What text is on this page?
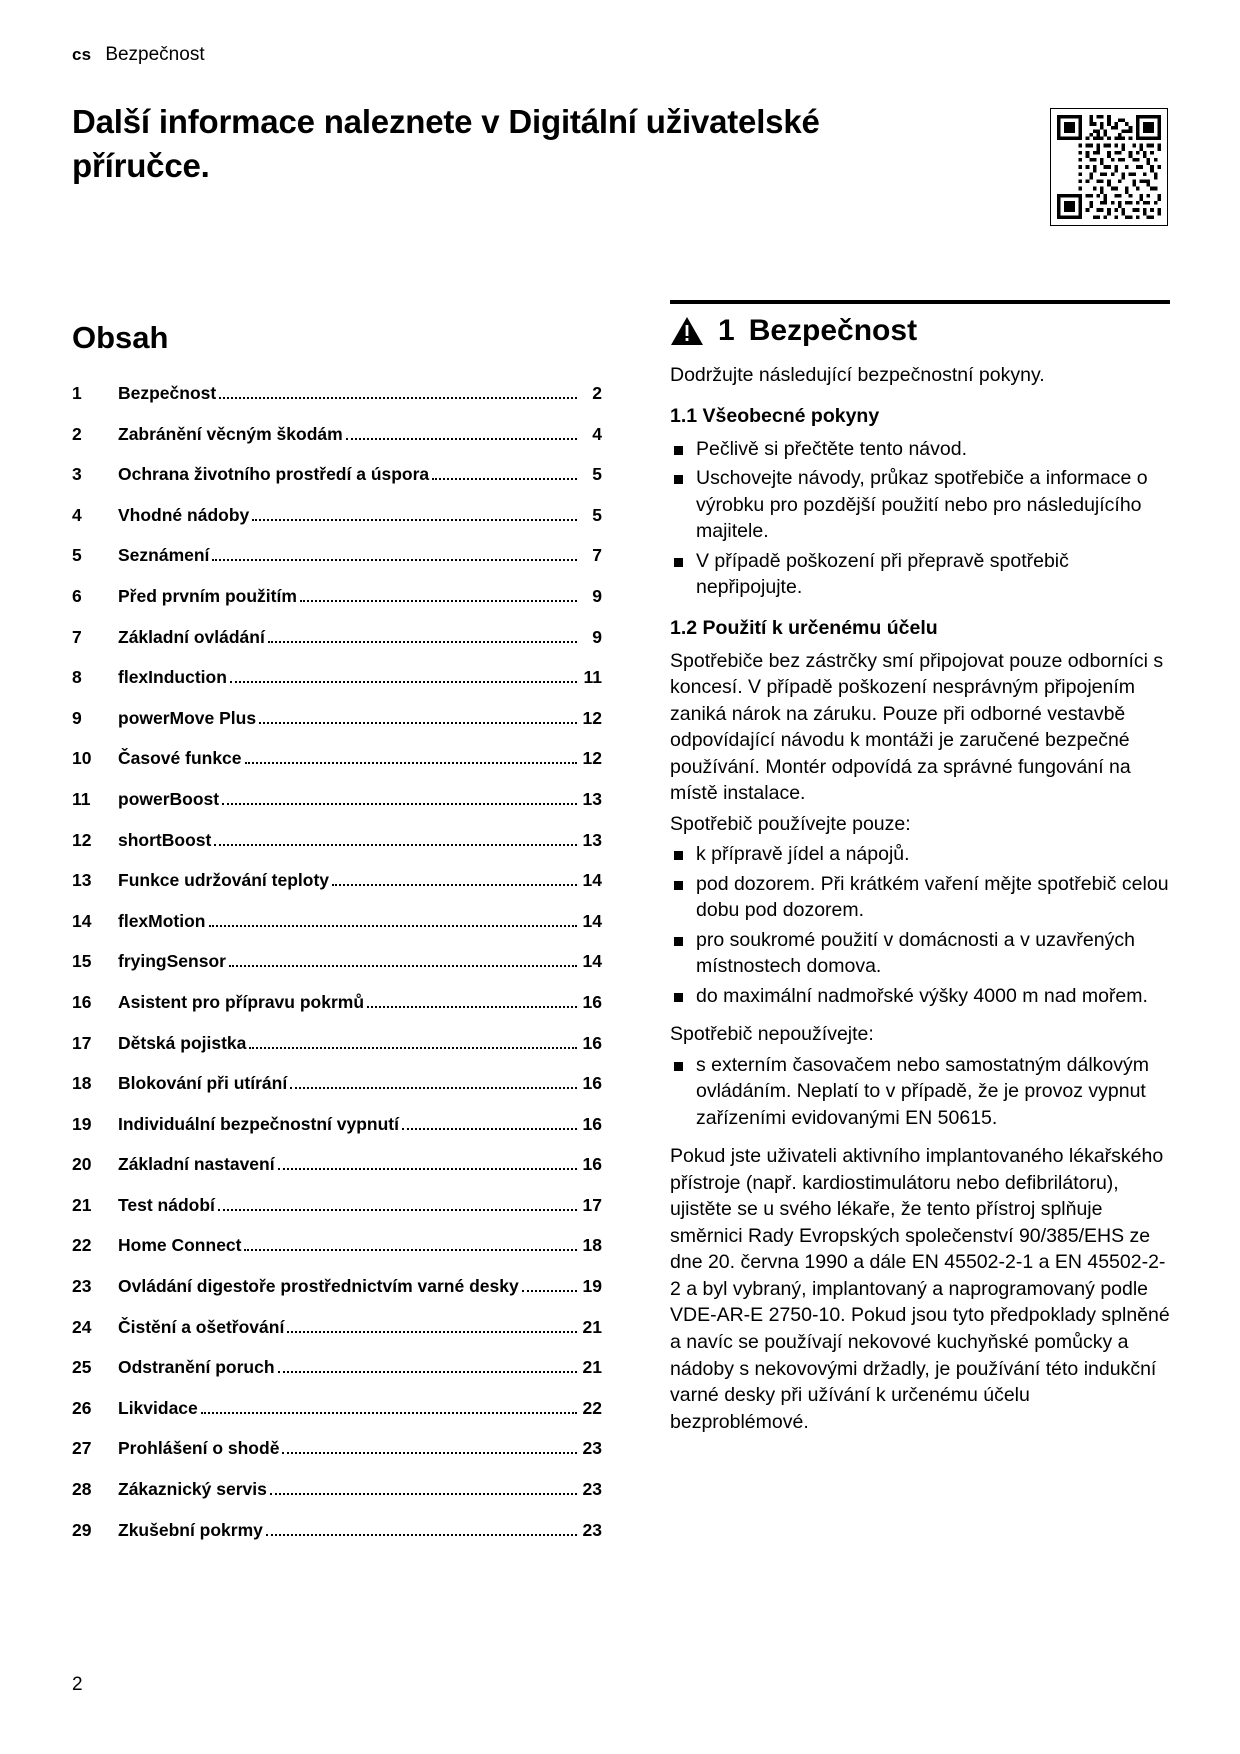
cs Bezpečnost
Další informace naleznete v Digitální uživatelské příručce.
Obsah
1	Bezpečnost	2
2	Zabránění věcným škodám	4
3	Ochrana životního prostředí a úspora	5
4	Vhodné nádoby	5
5	Seznámení	7
6	Před prvním použitím	9
7	Základní ovládání	9
8	flexInduction	11
9	powerMove Plus	12
10	Časové funkce	12
11	powerBoost	13
12	shortBoost	13
13	Funkce udržování teploty	14
14	flexMotion	14
15	fryingSensor	14
16	Asistent pro přípravu pokrmů	16
17	Dětská pojistka	16
18	Blokování při utírání	16
19	Individuální bezpečnostní vypnutí	16
20	Základní nastavení	16
21	Test nádobí	17
22	Home Connect	18
23	Ovládání digestoře prostřednictvím varné desky	19
24	Čistění a ošetřování	21
25	Odstranění poruch	21
26	Likvidace	22
27	Prohlášení o shodě	23
28	Zákaznický servis	23
29	Zkušební pokrmy	23
1 Bezpečnost

Dodržujte následující bezpečnostní pokyny.

1.1 Všeobecné pokyny
Pečlivě si přečtěte tento návod.
Uschovejte návody, průkaz spotřebiče a informace o výrobku pro pozdější použití nebo pro následujícího majitele.
V případě poškození při přepravě spotřebič nepřipojujte.
1.2 Použití k určenému účelu

Spotřebiče bez zástrčky smí připojovat pouze odborníci s koncesí. V případě poškození nesprávným připojením zaniká nárok na záruku. Pouze při odborné vestavbě odpovídající návodu k montáži je zaručené bezpečné používání. Montér odpovídá za správné fungování na místě instalace.

Spotřebič používejte pouze:

k přípravě jídel a nápojů.
pod dozorem. Při krátkém vaření mějte spotřebič celou dobu pod dozorem.
pro soukromé použití v domácnosti a v uzavřených místnostech domova.
do maximální nadmořské výšky 4000 m nad mořem.

Spotřebič nepoužívejte:

s externím časovačem nebo samostatným dálkovým ovládáním. Neplatí to v případě, že je provoz vypnut zařízeními evidovanými EN 50615.

Pokud jste uživateli aktivního implantovaného lékařského přístroje (např. kardiostimulátoru nebo defibrilátoru), ujistěte se u svého lékaře, že tento přístroj splňuje směrnici Rady Evropských společenství 90/385/EHS ze dne 20. června 1990 a dále EN 45502-2-1 a EN 45502-2-2 a byl vybraný, implantovaný a naprogramovaný podle VDE-AR-E 2750-10. Pokud jsou tyto předpoklady splněné a navíc se používají nekovové kuchyňské pomůcky a nádoby s nekovovými držadly, je používání této indukční varné desky při užívání k určenému účelu bezproblémové.

2
